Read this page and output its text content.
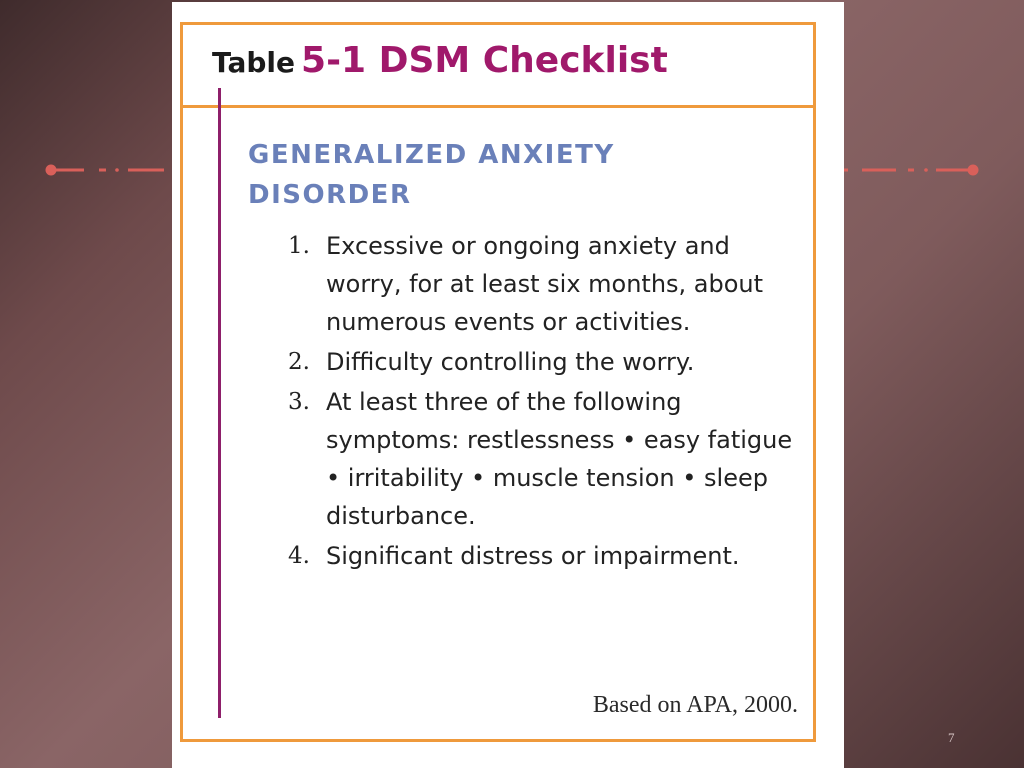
Table 5-1 DSM Checklist
GENERALIZED ANXIETY DISORDER
1. Excessive or ongoing anxiety and worry, for at least six months, about numerous events or activities.
2. Difficulty controlling the worry.
3. At least three of the following symptoms: restlessness • easy fatigue • irritability • muscle tension • sleep disturbance.
4. Significant distress or impairment.
Based on APA, 2000.
7
